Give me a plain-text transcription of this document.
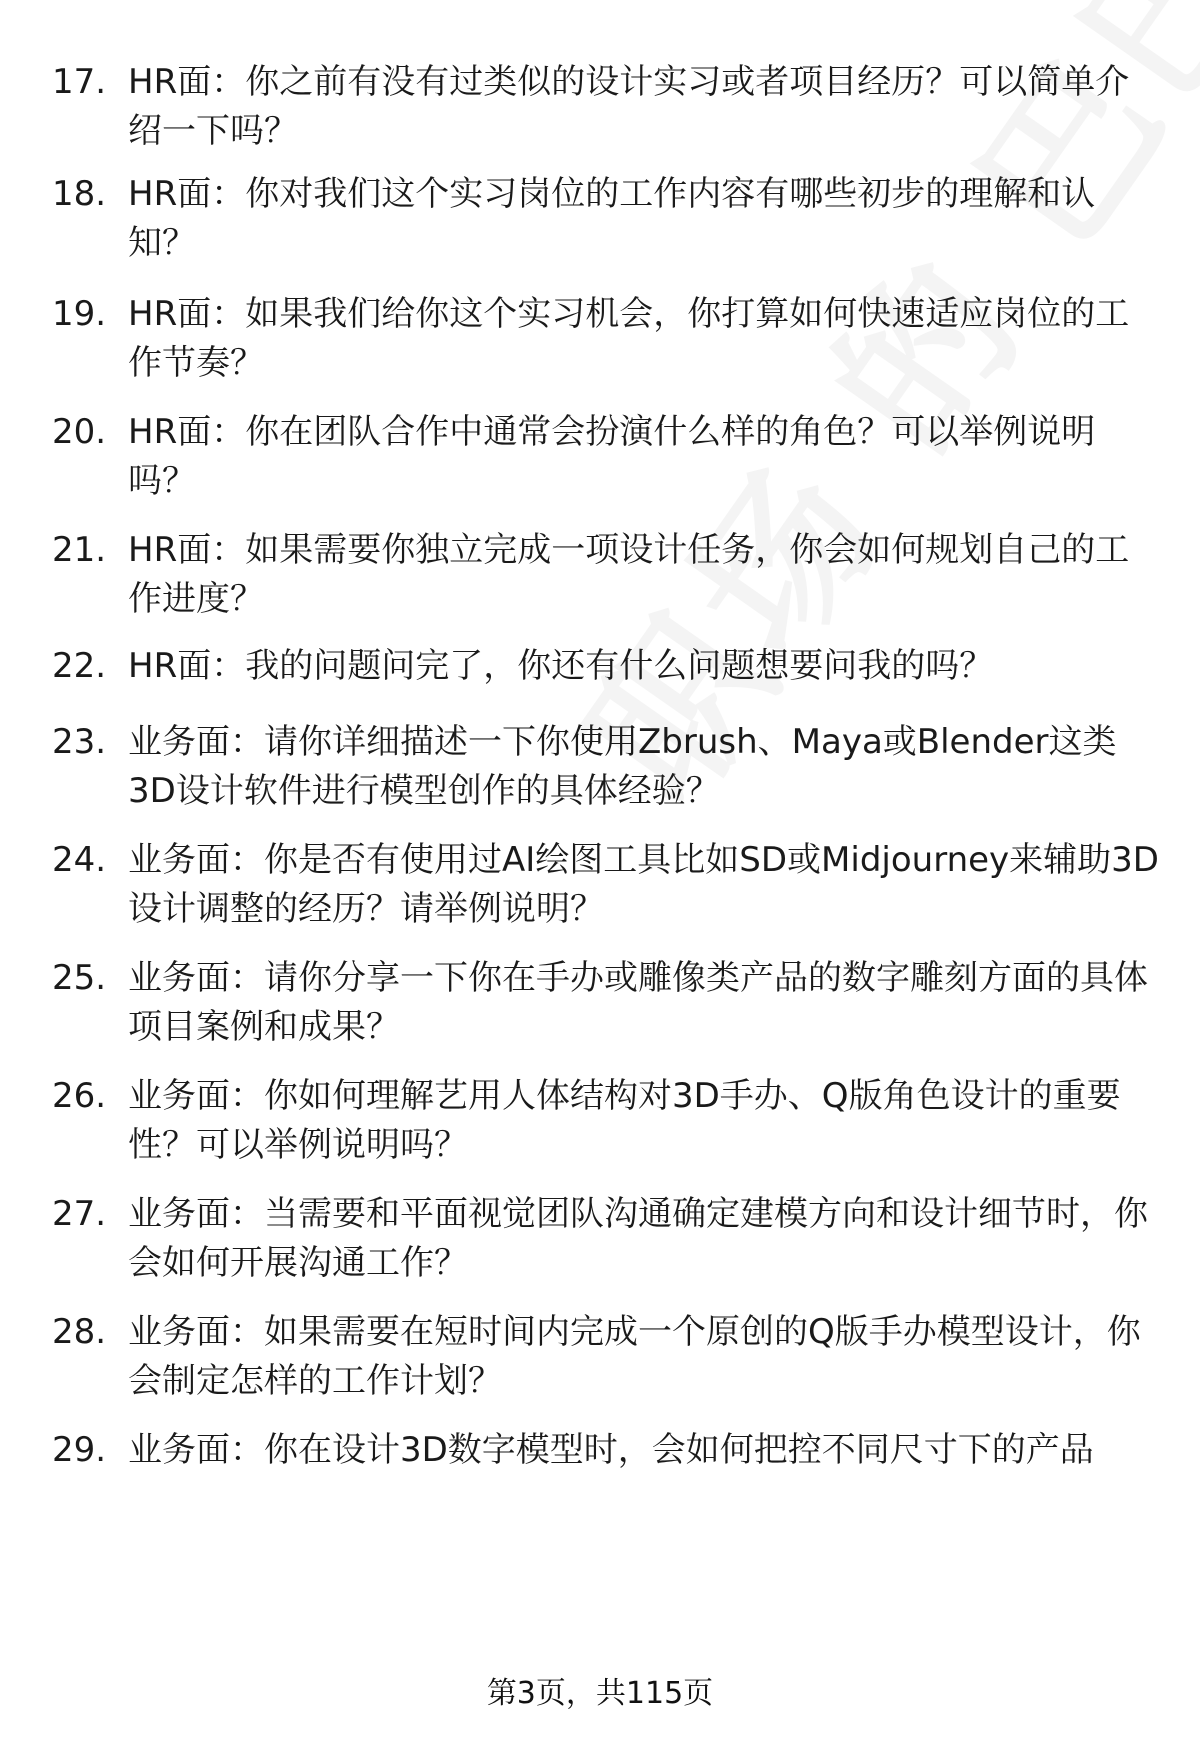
17. HR面：你之前有没有过类似的设计实习或者项目经历？可以简单介绍一下吗？
18. HR面：你对我们这个实习岗位的工作内容有哪些初步的理解和认知？
19. HR面：如果我们给你这个实习机会，你打算如何快速适应岗位的工作节奏？
20. HR面：你在团队合作中通常会扮演什么样的角色？可以举例说明吗？
21. HR面：如果需要你独立完成一项设计任务，你会如何规划自己的工作进度？
22. HR面：我的问题问完了，你还有什么问题想要问我的吗？
23. 业务面：请你详细描述一下你使用Zbrush、Maya或Blender这类3D设计软件进行模型创作的具体经验？
24. 业务面：你是否有使用过AI绘图工具比如SD或Midjourney来辅助3D设计调整的经历？请举例说明？
25. 业务面：请你分享一下你在手办或雕像类产品的数字雕刻方面的具体项目案例和成果？
26. 业务面：你如何理解艺用人体结构对3D手办、Q版角色设计的重要性？可以举例说明吗？
27. 业务面：当需要和平面视觉团队沟通确定建模方向和设计细节时，你会如何开展沟通工作？
28. 业务面：如果需要在短时间内完成一个原创的Q版手办模型设计，你会制定怎样的工作计划？
29. 业务面：你在设计3D数字模型时，会如何把控不同尺寸下的产品
第3页，共115页
